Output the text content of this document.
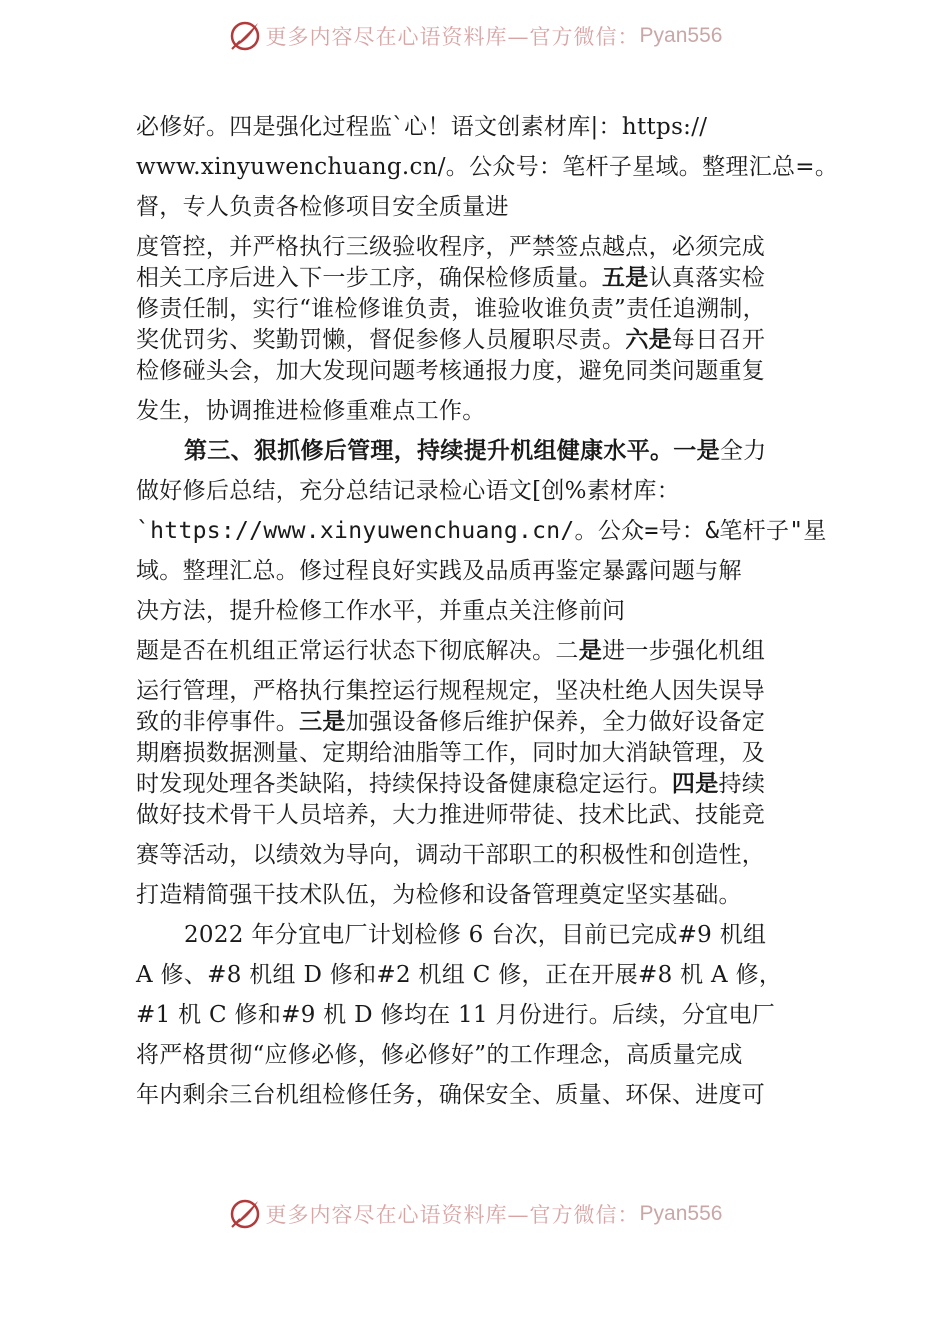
更多内容尽在心语资料库—官方微信： Pyan556
必修好。四是强化过程监`心！语文创素材库|：https://
www.xinyuwenchuang.cn/。公众号：笔杆子星域。整理汇总=。
督，专人负责各检修项目安全质量进
度管控，并严格执行三级验收程序，严禁签点越点，必须完成
相关工序后进入下一步工序，确保检修质量。五是认真落实检
修责任制，实行“谁检修谁负责，谁验收谁负责”责任追溯制，
奖优罚劣、奖勤罚懒，督促参修人员履职尽责。六是每日召开
检修碰头会，加大发现问题考核通报力度，避免同类问题重复
发生，协调推进检修重难点工作。
第三、狠抓修后管理，持续提升机组健康水平。一是全力
做好修后总结，充分总结记录检心语文[创%素材库：
`https://www.xinyuwenchuang.cn/。公众=号：&笔杆子"星
域。整理汇总。修过程良好实践及品质再鉴定暴露问题与解
决方法，提升检修工作水平，并重点关注修前问
题是否在机组正常运行状态下彻底解决。二是进一步强化机组
运行管理，严格执行集控运行规程规定，坚决杜绝人因失误导
致的非停事件。三是加强设备修后维护保养，全力做好设备定
期磨损数据测量、定期给油脂等工作，同时加大消缺管理，及
时发现处理各类缺陷，持续保持设备健康稳定运行。四是持续
做好技术骨干人员培养，大力推进师带徒、技术比武、技能竞
赛等活动，以绩效为导向，调动干部职工的积极性和创造性，
打造精简强干技术队伍，为检修和设备管理奠定坚实基础。
2022 年分宜电厂计划检修 6 台次，目前已完成#9 机组
A 修、#8 机组 D 修和#2 机组 C 修，正在开展#8 机 A 修，
#1 机 C 修和#9 机 D 修均在 11 月份进行。后续，分宜电厂
将严格贯彻“应修必修，修必修好”的工作理念，高质量完成
年内剩余三台机组检修任务，确保安全、质量、环保、进度可
更多内容尽在心语资料库—官方微信： Pyan556
